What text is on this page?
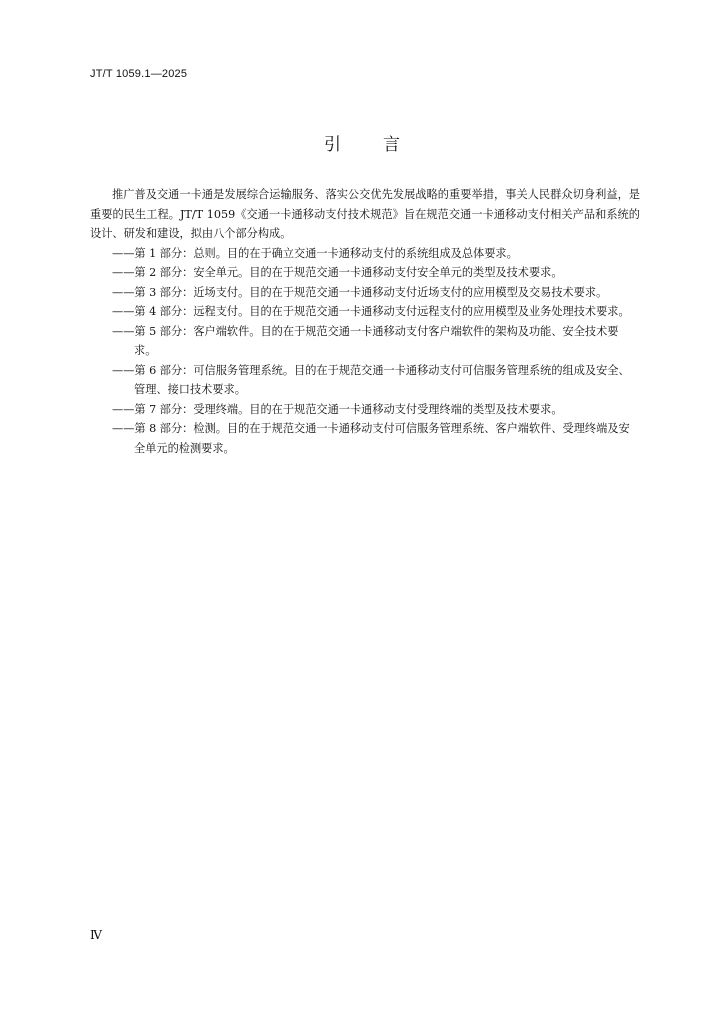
JT/T 1059.1—2025
引 言

推广普及交通一卡通是发展综合运输服务、落实公交优先发展战略的重要举措，事关人民群众切身利益，是重要的民生工程。JT/T 1059《交通一卡通移动支付技术规范》旨在规范交通一卡通移动支付相关产品和系统的设计、研发和建设，拟由八个部分构成。

——第 1 部分：总则。目的在于确立交通一卡通移动支付的系统组成及总体要求。
——第 2 部分：安全单元。目的在于规范交通一卡通移动支付安全单元的类型及技术要求。
——第 3 部分：近场支付。目的在于规范交通一卡通移动支付近场支付的应用模型及交易技术要求。
——第 4 部分：远程支付。目的在于规范交通一卡通移动支付远程支付的应用模型及业务处理技术要求。
——第 5 部分：客户端软件。目的在于规范交通一卡通移动支付客户端软件的架构及功能、安全技术要求。
——第 6 部分：可信服务管理系统。目的在于规范交通一卡通移动支付可信服务管理系统的组成及安全、管理、接口技术要求。
——第 7 部分：受理终端。目的在于规范交通一卡通移动支付受理终端的类型及技术要求。
——第 8 部分：检测。目的在于规范交通一卡通移动支付可信服务管理系统、客户端软件、受理终端及安全单元的检测要求。
Ⅳ
